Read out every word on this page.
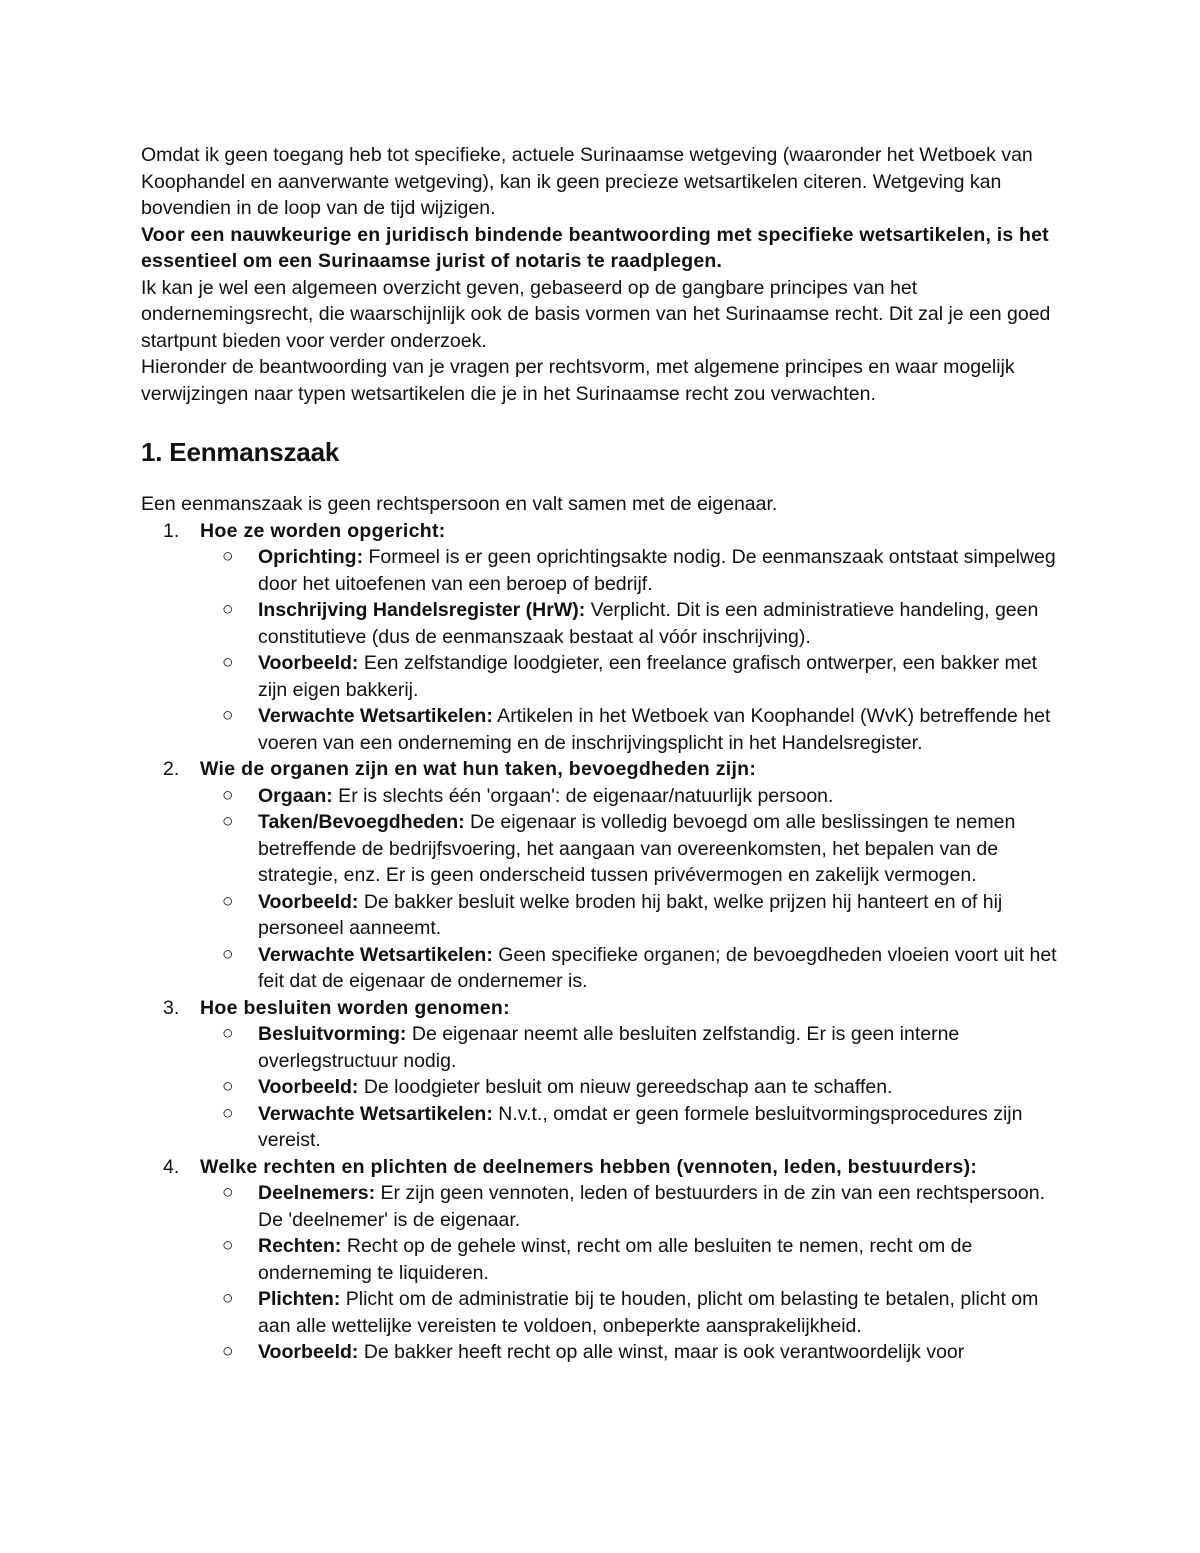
Omdat ik geen toegang heb tot specifieke, actuele Surinaamse wetgeving (waaronder het Wetboek van Koophandel en aanverwante wetgeving), kan ik geen precieze wetsartikelen citeren. Wetgeving kan bovendien in de loop van de tijd wijzigen.

Voor een nauwkeurige en juridisch bindende beantwoording met specifieke wetsartikelen, is het essentieel om een Surinaamse jurist of notaris te raadplegen.

Ik kan je wel een algemeen overzicht geven, gebaseerd op de gangbare principes van het ondernemingsrecht, die waarschijnlijk ook de basis vormen van het Surinaamse recht. Dit zal je een goed startpunt bieden voor verder onderzoek.

Hieronder de beantwoording van je vragen per rechtsvorm, met algemene principes en waar mogelijk verwijzingen naar typen wetsartikelen die je in het Surinaamse recht zou verwachten.

1. Eenmanszaak

Een eenmanszaak is geen rechtspersoon en valt samen met de eigenaar.

1. Hoe ze worden opgericht:
○ Oprichting: Formeel is er geen oprichtingsakte nodig. De eenmanszaak ontstaat simpelweg door het uitoefenen van een beroep of bedrijf.
○ Inschrijving Handelsregister (HrW): Verplicht. Dit is een administratieve handeling, geen constitutieve (dus de eenmanszaak bestaat al vóór inschrijving).
○ Voorbeeld: Een zelfstandige loodgieter, een freelance grafisch ontwerper, een bakker met zijn eigen bakkerij.
○ Verwachte Wetsartikelen: Artikelen in het Wetboek van Koophandel (WvK) betreffende het voeren van een onderneming en de inschrijvingsplicht in het Handelsregister.
2. Wie de organen zijn en wat hun taken, bevoegdheden zijn:
○ Orgaan: Er is slechts één 'orgaan': de eigenaar/natuurlijk persoon.
○ Taken/Bevoegdheden: De eigenaar is volledig bevoegd om alle beslissingen te nemen betreffende de bedrijfsvoering, het aangaan van overeenkomsten, het bepalen van de strategie, enz. Er is geen onderscheid tussen privévermogen en zakelijk vermogen.
○ Voorbeeld: De bakker besluit welke broden hij bakt, welke prijzen hij hanteert en of hij personeel aanneemt.
○ Verwachte Wetsartikelen: Geen specifieke organen; de bevoegdheden vloeien voort uit het feit dat de eigenaar de ondernemer is.
3. Hoe besluiten worden genomen:
○ Besluitvorming: De eigenaar neemt alle besluiten zelfstandig. Er is geen interne overlegstructuur nodig.
○ Voorbeeld: De loodgieter besluit om nieuw gereedschap aan te schaffen.
○ Verwachte Wetsartikelen: N.v.t., omdat er geen formele besluitvormingsprocedures zijn vereist.
4. Welke rechten en plichten de deelnemers hebben (vennoten, leden, bestuurders):
○ Deelnemers: Er zijn geen vennoten, leden of bestuurders in de zin van een rechtspersoon. De 'deelnemer' is de eigenaar.
○ Rechten: Recht op de gehele winst, recht om alle besluiten te nemen, recht om de onderneming te liquideren.
○ Plichten: Plicht om de administratie bij te houden, plicht om belasting te betalen, plicht om aan alle wettelijke vereisten te voldoen, onbeperkte aansprakelijkheid.
○ Voorbeeld: De bakker heeft recht op alle winst, maar is ook verantwoordelijk voor
